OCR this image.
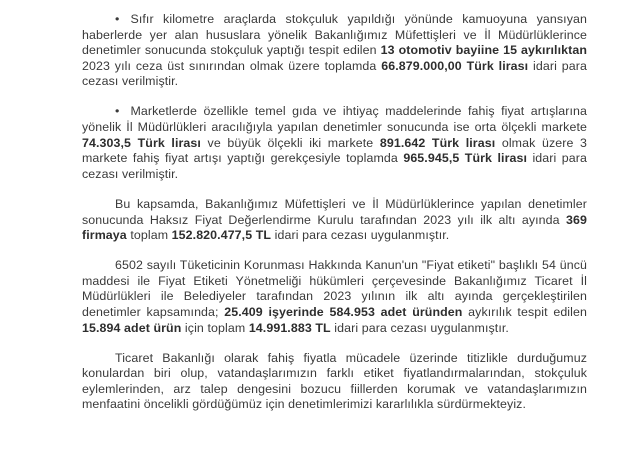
• Sıfır kilometre araçlarda stokçuluk yapıldığı yönünde kamuoyuna yansıyan haberlerde yer alan hususlara yönelik Bakanlığımız Müfettişleri ve İl Müdürlüklerince denetimler sonucunda stokçuluk yaptığı tespit edilen 13 otomotiv bayiine 15 aykırılıktan 2023 yılı ceza üst sınırından olmak üzere toplamda 66.879.000,00 Türk lirası idari para cezası verilmiştir.

• Marketlerde özellikle temel gıda ve ihtiyaç maddelerinde fahiş fiyat artışlarına yönelik İl Müdürlükleri aracılığıyla yapılan denetimler sonucunda ise orta ölçekli markete 74.303,5 Türk lirası ve büyük ölçekli iki markete 891.642 Türk lirası olmak üzere 3 markete fahiş fiyat artışı yaptığı gerekçesiyle toplamda 965.945,5 Türk lirası idari para cezası verilmiştir.

Bu kapsamda, Bakanlığımız Müfettişleri ve İl Müdürlüklerince yapılan denetimler sonucunda Haksız Fiyat Değerlendirme Kurulu tarafından 2023 yılı ilk altı ayında 369 firmaya toplam 152.820.477,5 TL idari para cezası uygulanmıştır.

6502 sayılı Tüketicinin Korunması Hakkında Kanun'un "Fiyat etiketi" başlıklı 54 üncü maddesi ile Fiyat Etiketi Yönetmeliği hükümleri çerçevesinde Bakanlığımız Ticaret İl Müdürlükleri ile Belediyeler tarafından 2023 yılının ilk altı ayında gerçekleştirilen denetimler kapsamında; 25.409 işyerinde 584.953 adet üründen aykırılık tespit edilen 15.894 adet ürün için toplam 14.991.883 TL idari para cezası uygulanmıştır.

Ticaret Bakanlığı olarak fahiş fiyatla mücadele üzerinde titizlikle durduğumuz konulardan biri olup, vatandaşlarımızın farklı etiket fiyatlandırmalarından, stokçuluk eylemlerinden, arz talep dengesini bozucu fiillerden korumak ve vatandaşlarımızın menfaatini öncelikli gördüğümüz için denetimlerimizi kararlılıkla sürdürmekteyiz.
